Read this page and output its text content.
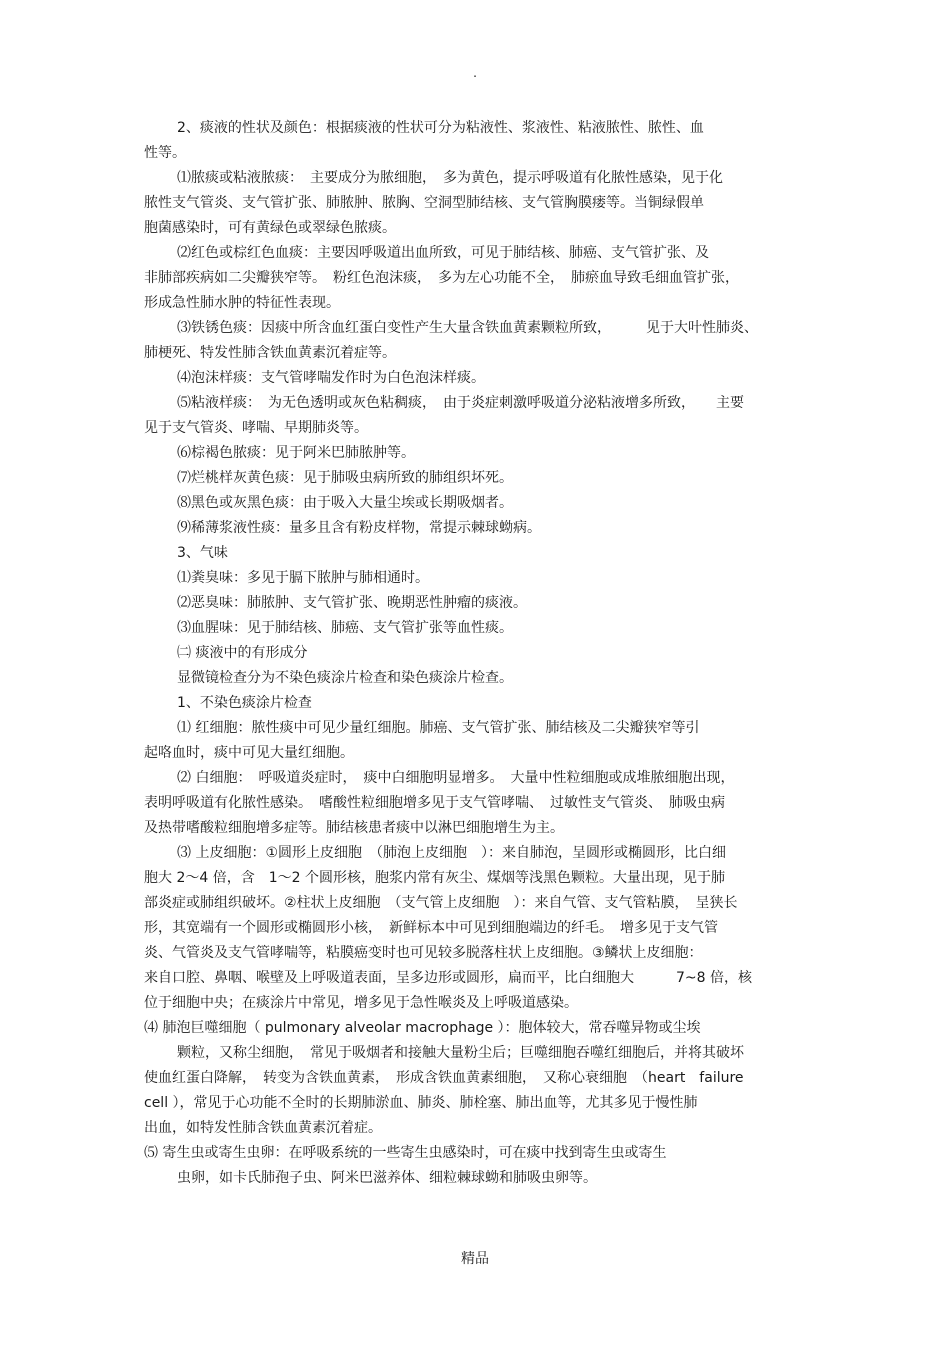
.
2、痰液的性状及颜色：根据痰液的性状可分为粘液性、浆液性、粘液脓性、脓性、血
性等。
⑴脓痰或粘液脓痰：　主要成分为脓细胞，　多为黄色，提示呼吸道有化脓性感染，见于化
脓性支气管炎、支气管扩张、肺脓肿、脓胸、空洞型肺结核、支气管胸膜瘘等。当铜绿假单
胞菌感染时，可有黄绿色或翠绿色脓痰。
⑵红色或棕红色血痰：主要因呼吸道出血所致，可见于肺结核、肺癌、支气管扩张、及
非肺部疾病如二尖瓣狭窄等。　粉红色泡沫痰，　多为左心功能不全，　肺瘀血导致毛细血管扩张，
形成急性肺水肿的特征性表现。
⑶铁锈色痰：因痰中所含血红蛋白变性产生大量含铁血黄素颗粒所致，　　　见于大叶性肺炎、
肺梗死、特发性肺含铁血黄素沉着症等。
⑷泡沫样痰：支气管哮喘发作时为白色泡沫样痰。
⑸粘液样痰：　为无色透明或灰色粘稠痰，　由于炎症刺激呼吸道分泌粘液增多所致，　　主要
见于支气管炎、哮喘、早期肺炎等。
⑹棕褐色脓痰：见于阿米巴肺脓肿等。
⑺烂桃样灰黄色痰：见于肺吸虫病所致的肺组织坏死。
⑻黑色或灰黑色痰：由于吸入大量尘埃或长期吸烟者。
⑼稀薄浆液性痰：量多且含有粉皮样物，常提示棘球蚴病。
3、气味
⑴粪臭味：多见于膈下脓肿与肺相通时。
⑵恶臭味：肺脓肿、支气管扩张、晚期恶性肿瘤的痰液。
⑶血腥味：见于肺结核、肺癌、支气管扩张等血性痰。
㈡ 痰液中的有形成分
显微镜检查分为不染色痰涂片检查和染色痰涂片检查。
1、不染色痰涂片检查
⑴ 红细胞：脓性痰中可见少量红细胞。肺癌、支气管扩张、肺结核及二尖瓣狭窄等引
起咯血时，痰中可见大量红细胞。
⑵ 白细胞：　呼吸道炎症时，　痰中白细胞明显增多。　大量中性粒细胞或成堆脓细胞出现，
表明呼吸道有化脓性感染。　嗜酸性粒细胞增多见于支气管哮喘、　过敏性支气管炎、　肺吸虫病
及热带嗜酸粒细胞增多症等。肺结核患者痰中以淋巴细胞增生为主。
⑶ 上皮细胞：①圆形上皮细胞　（肺泡上皮细胞　）：来自肺泡，呈圆形或椭圆形，比白细
胞大 2～4 倍，含　1～2 个圆形核，胞浆内常有灰尘、煤烟等浅黑色颗粒。大量出现，见于肺
部炎症或肺组织破坏。②柱状上皮细胞　（支气管上皮细胞　）：来自气管、支气管粘膜，　呈狭长
形，其宽端有一个圆形或椭圆形小核，　新鲜标本中可见到细胞端边的纤毛。　增多见于支气管
炎、气管炎及支气管哮喘等，粘膜癌变时也可见较多脱落柱状上皮细胞。③鳞状上皮细胞：
来自口腔、鼻咽、喉壁及上呼吸道表面，呈多边形或圆形，扁而平，比白细胞大　　　7~8 倍，核
位于细胞中央；在痰涂片中常见，增多见于急性喉炎及上呼吸道感染。
⑷ 肺泡巨噬细胞（ pulmonary alveolar macrophage ）：胞体较大，常吞噬异物或尘埃
颗粒，又称尘细胞，　常见于吸烟者和接触大量粉尘后；巨噬细胞吞噬红细胞后，并将其破坏
使血红蛋白降解，　转变为含铁血黄素，　形成含铁血黄素细胞，　又称心衰细胞　（heart　failure
cell ），常见于心功能不全时的长期肺淤血、肺炎、肺栓塞、肺出血等，尤其多见于慢性肺
出血，如特发性肺含铁血黄素沉着症。
⑸ 寄生虫或寄生虫卵：在呼吸系统的一些寄生虫感染时，可在痰中找到寄生虫或寄生
虫卵，如卡氏肺孢子虫、阿米巴滋养体、细粒棘球蚴和肺吸虫卵等。
精品
